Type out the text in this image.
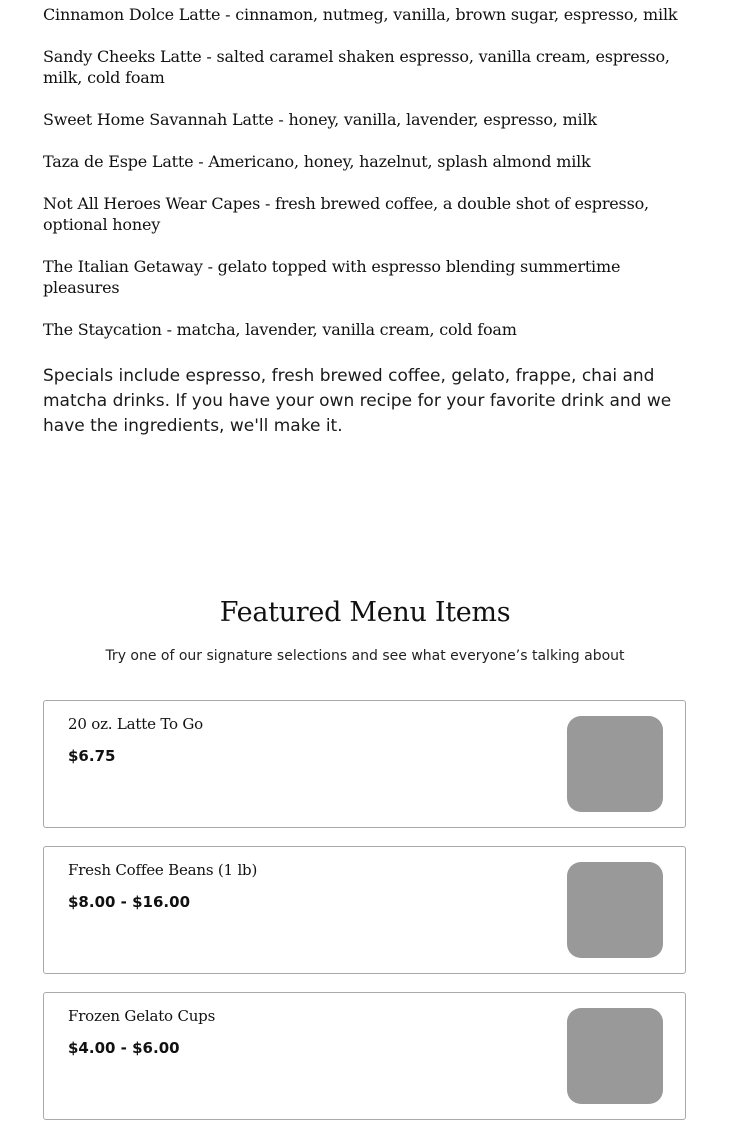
Cinnamon Dolce Latte - cinnamon, nutmeg, vanilla, brown sugar, espresso, milk

Sandy Cheeks Latte - salted caramel shaken espresso, vanilla cream, espresso, milk, cold foam

Sweet Home Savannah Latte - honey, vanilla, lavender, espresso, milk

Taza de Espe Latte - Americano, honey, hazelnut, splash almond milk

Not All Heroes Wear Capes - fresh brewed coffee, a double shot of espresso, optional honey

The Italian Getaway - gelato topped with espresso blending summertime pleasures

The Staycation - matcha, lavender, vanilla cream, cold foam

Specials include espresso, fresh brewed coffee, gelato, frappe, chai and matcha drinks. If you have your own recipe for your favorite drink and we have the ingredients, we'll make it.
Featured Menu Items
Try one of our signature selections and see what everyone’s talking about
20 oz. Latte To Go
$6.75
Fresh Coffee Beans (1 lb)
$8.00 - $16.00
Frozen Gelato Cups
$4.00 - $6.00
